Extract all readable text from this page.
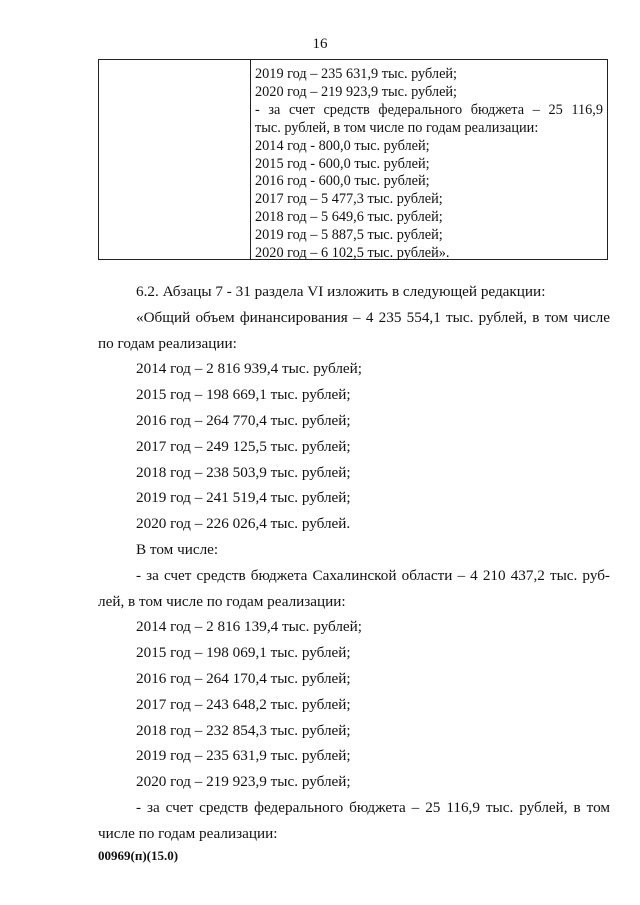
16
2019 год – 235 631,9 тыс. рублей;
2020 год – 219 923,9 тыс. рублей;
- за счет средств федерального бюджета – 25 116,9
тыс. рублей, в том числе по годам реализации:
2014 год - 800,0 тыс. рублей;
2015 год - 600,0 тыс. рублей;
2016 год - 600,0 тыс. рублей;
2017 год – 5 477,3 тыс. рублей;
2018 год – 5 649,6 тыс. рублей;
2019 год – 5 887,5 тыс. рублей;
2020 год – 6 102,5 тыс. рублей».
6.2. Абзацы 7 - 31 раздела VI изложить в следующей редакции:
«Общий объем финансирования – 4 235 554,1 тыс. рублей, в том числе
по годам реализации:
2014 год – 2 816 939,4 тыс. рублей;
2015 год – 198 669,1 тыс. рублей;
2016 год – 264 770,4 тыс. рублей;
2017 год – 249 125,5 тыс. рублей;
2018 год – 238 503,9 тыс. рублей;
2019 год – 241 519,4 тыс. рублей;
2020 год – 226 026,4 тыс. рублей.
В том числе:
- за счет средств бюджета Сахалинской области – 4 210 437,2 тыс. руб-
лей, в том числе по годам реализации:
2014 год – 2 816 139,4 тыс. рублей;
2015 год – 198 069,1 тыс. рублей;
2016 год – 264 170,4 тыс. рублей;
2017 год – 243 648,2 тыс. рублей;
2018 год – 232 854,3 тыс. рублей;
2019 год – 235 631,9 тыс. рублей;
2020 год – 219 923,9 тыс. рублей;
- за счет средств федерального бюджета – 25 116,9 тыс. рублей, в том
числе по годам реализации:
00969(п)(15.0)
